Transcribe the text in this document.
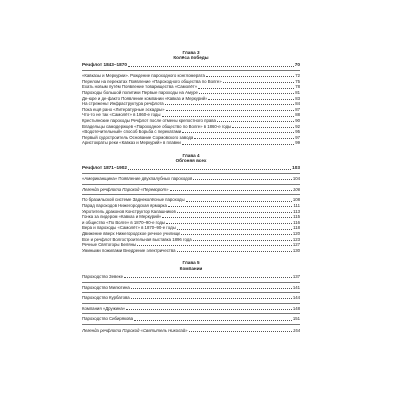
Глава 3
Колёса победы
Речфлот 1843–1870	70
«Кавказы и Меркурии». Рождение пароходного конгломерата	72
Перелом на перекатах Появление «Пароходного общества по Волге»	75
Ехать новым путём Появление товарищества «Самолёт»	78
Пароходы большой политики Первые пароходы на Амуре	81
Де-юре и де-факто Появление компании «Кавказ и Меркурий»	83
На стрежень! Инфраструктура речфлота	84
Пока ещё рано «Литературные эскадры»	87
Что-то не так «Самолёт» в 1860-е годы	88
Крестьянские пароходы Речфлот после отмены крепостного права	90
Владельцы самодержцев «Пароходное общество по Волге» в 1860-е годы	92
«Водотечительный» способ Борьба с перекатами	95
Первый судостроитель Основание Сормовского завода	97
Аристократы реки «Кавказ и Меркурий» в плавни	99
Глава 4
Обгоняя всех
Речфлот 1871–1902	103
«Американщина» Появление двухпалубных пароходов	104
Легенда речфлота Пароход «Переворот»	106
По бразильской системе Заднеколёсные пароходы	108
Парад пароходов Нижегородская ярмарка	111
Укротитель драконов Конструктор Калашников	113
Гонка за лидером «Кавказ и Меркурий»	115
и общество «По Волге» в 1870–90-е годы	116
Вера и пароходы «Самолёт» в 1870–90-е годы	118
Движение вверх Нижегородское речное училище	120
Все и речфлот Волгостроительная выставка 1896 года	123
Речные Святогоры Беляны	127
Умиными пожилами Внедрение электричества	130
Глава 5
Компании
Пароходство Зевеке	137
Пароходство Милютина	141
Пароходство Курбатова	144
Компания «Дружина»	148
Пароходство Сибирякова	151
Легенда речфлота Пароход «Святитель Николай»	154
